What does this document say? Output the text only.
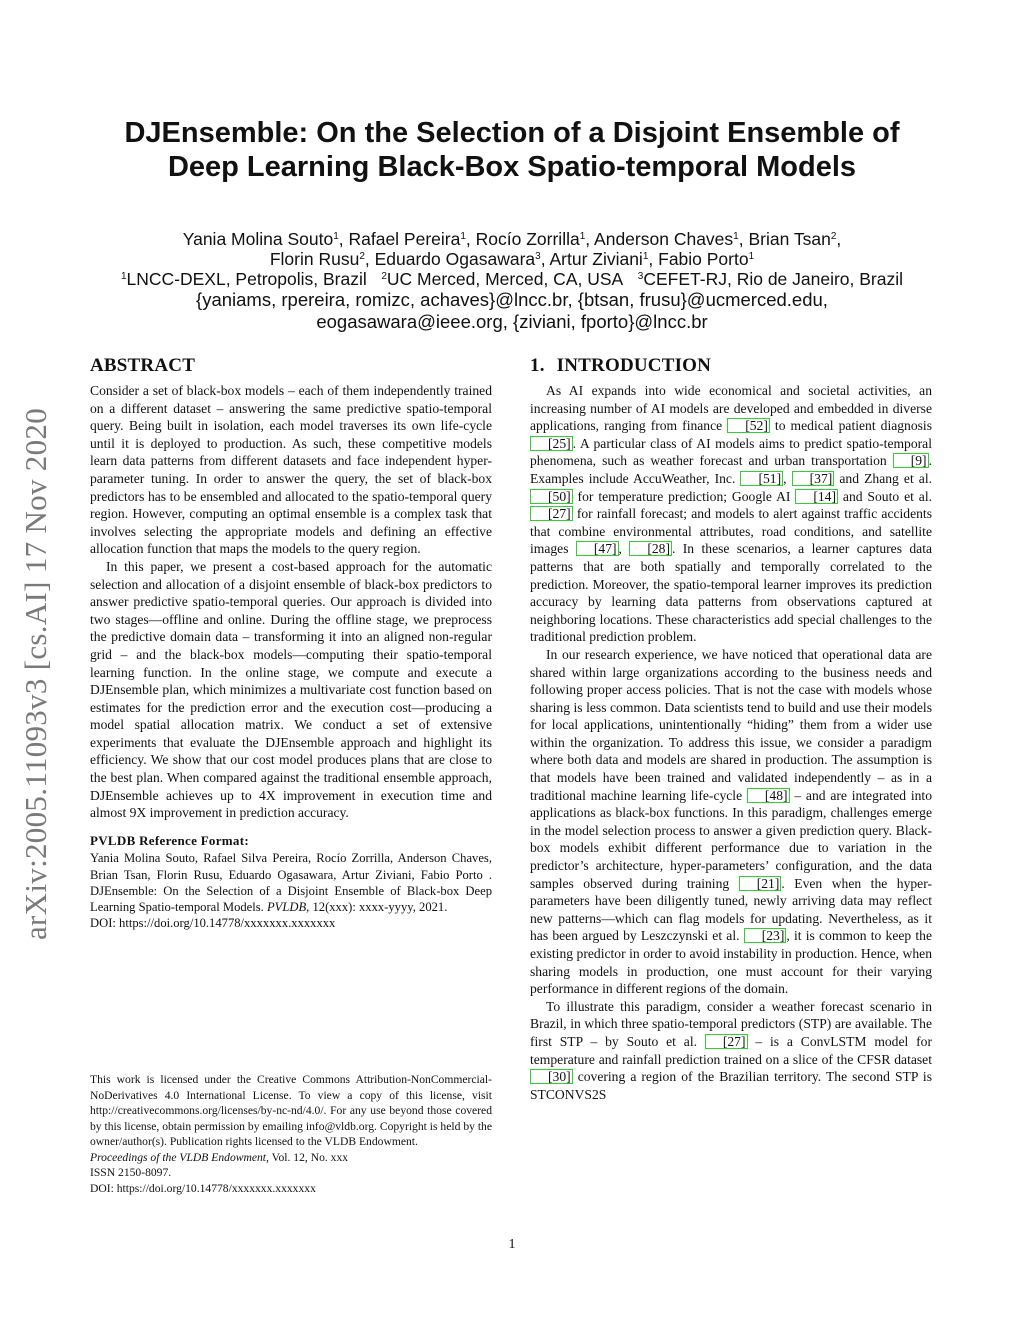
arXiv:2005.11093v3 [cs.AI] 17 Nov 2020
DJEnsemble: On the Selection of a Disjoint Ensemble of
Deep Learning Black-Box Spatio-temporal Models
Yania Molina Souto$^1$, Rafael Pereira$^1$, Rocío Zorrilla$^1$, Anderson Chaves$^1$, Brian Tsan$^2$,
Florin Rusu$^2$, Eduardo Ogasawara$^3$, Artur Ziviani$^1$, Fabio Porto$^1$
$^1$LNCC-DEXL, Petropolis, Brazil $^2$UC Merced, Merced, CA, USA $^3$CEFET-RJ, Rio de Janeiro, Brazil
{yaniams, rpereira, romizc, achaves}@lncc.br, {btsan, frusu}@ucmerced.edu,
eogasawara@ieee.org, {ziviani, fporto}@lncc.br
ABSTRACT

Consider a set of black-box models – each of them independently trained on a different dataset – answering the same predictive spatio-temporal query. Being built in isolation, each model traverses its own life-cycle until it is deployed to production. As such, these competitive models learn data patterns from different datasets and face independent hyper-parameter tuning. In order to answer the query, the set of black-box predictors has to be ensembled and allocated to the spatio-temporal query region. However, computing an optimal ensemble is a complex task that involves selecting the appropriate models and defining an effective allocation function that maps the models to the query region.

In this paper, we present a cost-based approach for the automatic selection and allocation of a disjoint ensemble of black-box predictors to answer predictive spatio-temporal queries. Our approach is divided into two stages—offline and online. During the offline stage, we preprocess the predictive domain data – transforming it into an aligned non-regular grid – and the black-box models—computing their spatio-temporal learning function. In the online stage, we compute and execute a DJEnsemble plan, which minimizes a multivariate cost function based on estimates for the prediction error and the execution cost—producing a model spatial allocation matrix. We conduct a set of extensive experiments that evaluate the DJEnsemble approach and highlight its efficiency. We show that our cost model produces plans that are close to the best plan. When compared against the traditional ensemble approach, DJEnsemble achieves up to 4X improvement in execution time and almost 9X improvement in prediction accuracy.

PVLDB Reference Format:
Yania Molina Souto, Rafael Silva Pereira, Rocío Zorrilla, Anderson Chaves, Brian Tsan, Florin Rusu, Eduardo Ogasawara, Artur Ziviani, Fabio Porto . DJEnsemble: On the Selection of a Disjoint Ensemble of Black-box Deep Learning Spatio-temporal Models. PVLDB, 12(xxx): xxxx-yyyy, 2021.
DOI: https://doi.org/10.14778/xxxxxxx.xxxxxxx
This work is licensed under the Creative Commons Attribution-NonCommercial-NoDerivatives 4.0 International License. To view a copy of this license, visit http://creativecommons.org/licenses/by-nc-nd/4.0/. For any use beyond those covered by this license, obtain permission by emailing info@vldb.org. Copyright is held by the owner/author(s). Publication rights licensed to the VLDB Endowment.
Proceedings of the VLDB Endowment, Vol. 12, No. xxx
ISSN 2150-8097.
DOI: https://doi.org/10.14778/xxxxxxx.xxxxxxx
1. INTRODUCTION

As AI expands into wide economical and societal activities, an increasing number of AI models are developed and embedded in diverse applications, ranging from finance [52] to medical patient diagnosis [25] . A particular class of AI models aims to predict spatio-temporal phenomena, such as weather forecast and urban transportation [9] . Examples include AccuWeather, Inc. [51] , [37] and Zhang et al. [50] for temperature prediction; Google AI [14] and Souto et al. [27] for rainfall forecast; and models to alert against traffic accidents that combine environmental attributes, road conditions, and satellite images [47] , [28] . In these scenarios, a learner captures data patterns that are both spatially and temporally correlated to the prediction. Moreover, the spatio-temporal learner improves its prediction accuracy by learning data patterns from observations captured at neighboring locations. These characteristics add special challenges to the traditional prediction problem.

In our research experience, we have noticed that operational data are shared within large organizations according to the business needs and following proper access policies. That is not the case with models whose sharing is less common. Data scientists tend to build and use their models for local applications, unintentionally “hiding” them from a wider use within the organization. To address this issue, we consider a paradigm where both data and models are shared in production. The assumption is that models have been trained and validated independently – as in a traditional machine learning life-cycle [48] – and are integrated into applications as black-box functions. In this paradigm, challenges emerge in the model selection process to answer a given prediction query. Black-box models exhibit different performance due to variation in the predictor’s architecture, hyper-parameters’ configuration, and the data samples observed during training [21] . Even when the hyper-parameters have been diligently tuned, newly arriving data may reflect new patterns—which can flag models for updating. Nevertheless, as it has been argued by Leszczynski et al. [23] , it is common to keep the existing predictor in order to avoid instability in production. Hence, when sharing models in production, one must account for their varying performance in different regions of the domain.

To illustrate this paradigm, consider a weather forecast scenario in Brazil, in which three spatio-temporal predictors (STP) are available. The first STP – by Souto et al. [27] – is a ConvLSTM model for temperature and rainfall prediction trained on a slice of the CFSR dataset [30] covering a region of the Brazilian territory. The second STP is STCONVS2S

1
